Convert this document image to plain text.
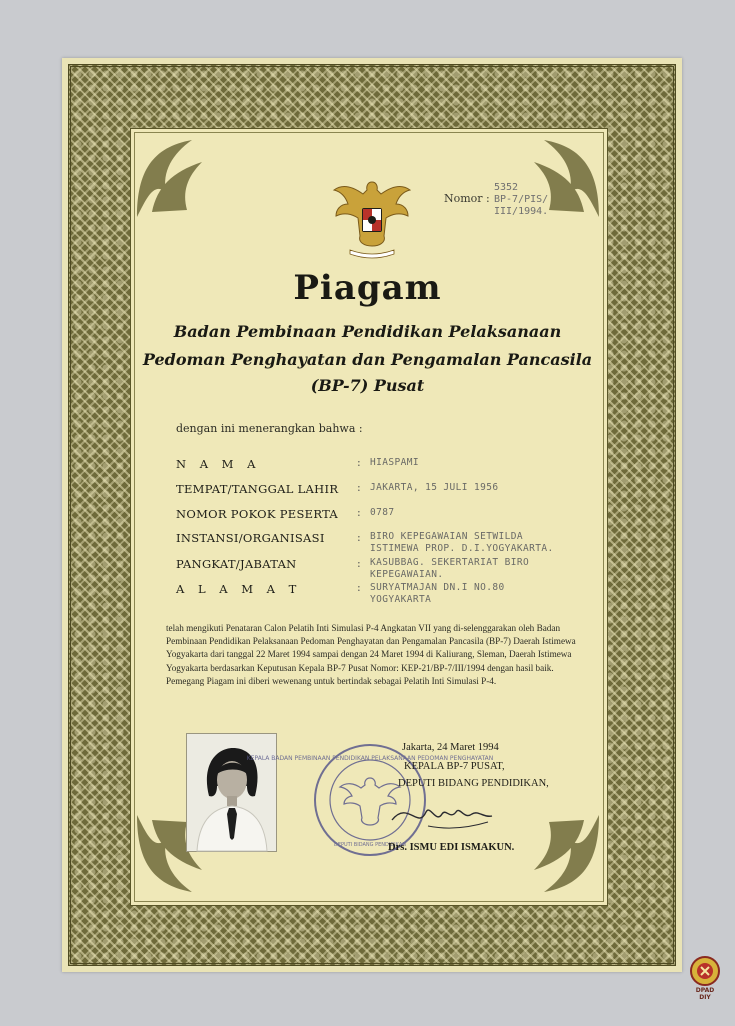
Nomor :
5352
BP-7/PIS/
III/1994.
Piagam
Badan Pembinaan Pendidikan Pelaksanaan
Pedoman Penghayatan dan Pengamalan Pancasila
(BP-7) Pusat
dengan ini menerangkan bahwa :
N A M A	: HIASPAMI
TEMPAT/TANGGAL LAHIR : JAKARTA, 15 JULI 1956
NOMOR POKOK PESERTA : 0787
INSTANSI/ORGANISASI	: BIRO KEPEGAWAIAN SETWILDA
ISTIMEWA PROP. D.I.YOGYAKARTA.
PANGKAT/JABATAN	: KASUBBAG. SEKERTARIAT BIRO
KEPEGAWAIAN.
A L A M A T	: SURYATMAJAN DN.I NO.80
YOGYAKARTA

telah mengikuti Penataran Calon Pelatih Inti Simulasi P-4 Angkatan VII yang di-selenggarakan oleh Badan Pembinaan Pendidikan Pelaksanaan Pedoman Penghayatan dan Pengamalan Pancasila (BP-7) Daerah Istimewa Yogyakarta dari tanggal 22 Maret 1994 sampai dengan 24 Maret 1994 di Kaliurang, Sleman, Daerah Istimewa Yogyakarta berdasarkan Keputusan Kepala BP-7 Pusat Nomor: KEP-21/BP-7/III/1994 dengan hasil baik.

Pemegang Piagam ini diberi wewenang untuk bertindak sebagai Pelatih Inti Simulasi P-4.

KEPALA BADAN PEMBINAAN PENDIDIKAN PELAKSANAAN PEDOMAN PENGHAYATAN
DEPUTI BIDANG PENDIDIKAN
Jakarta, 24 Maret 1994
KEPALA BP-7 PUSAT,
DEPUTI BIDANG PENDIDIKAN,
Drs. ISMU EDI ISMAKUN.
DPAD
DIY
